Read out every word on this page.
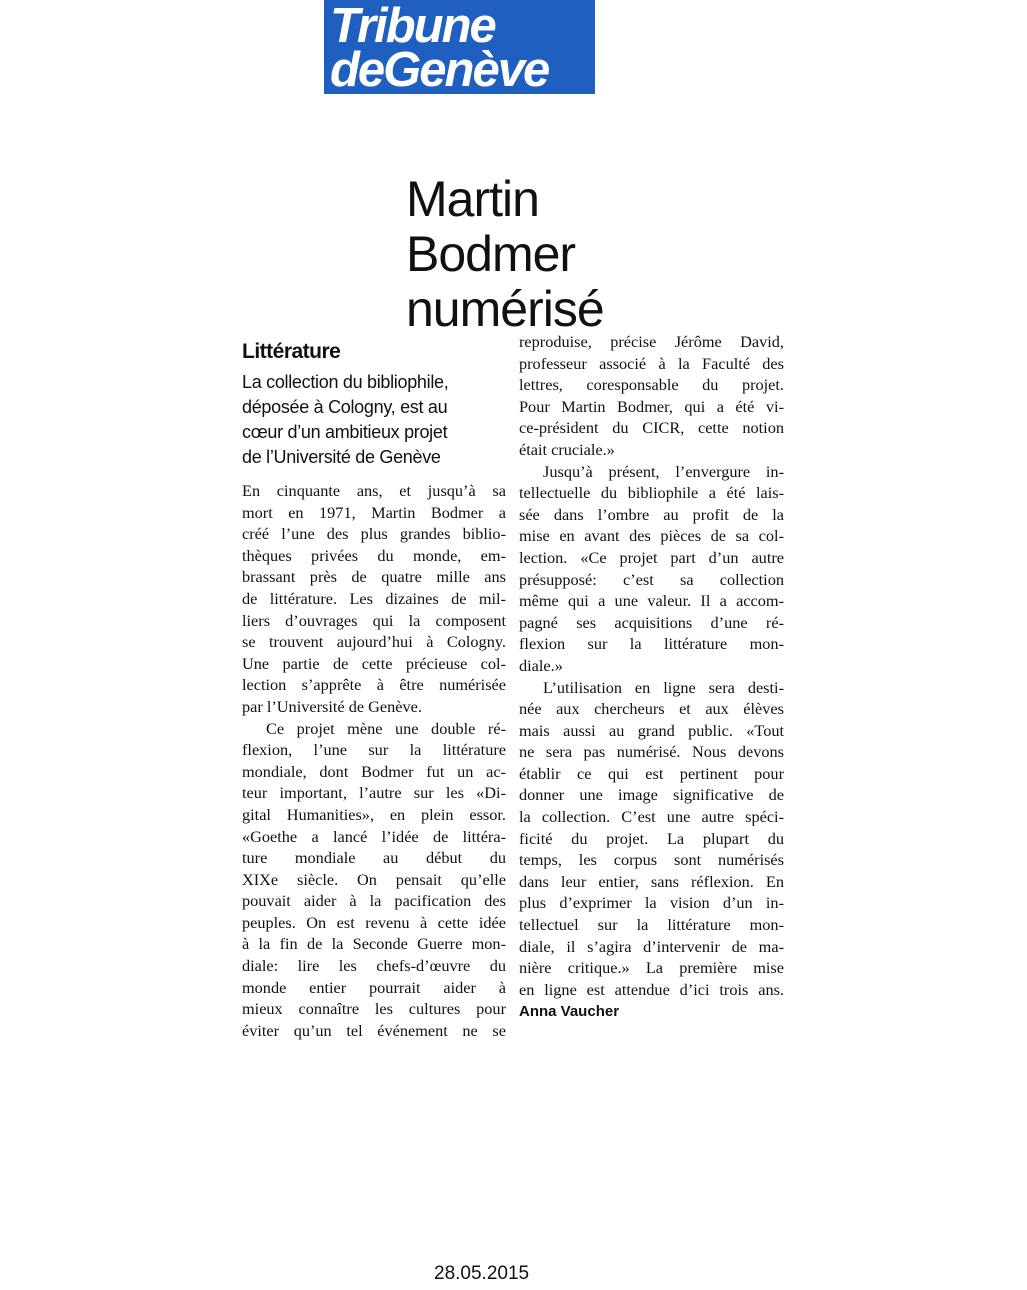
Tribune
deGenève
Martin
Bodmer
numérisé
Littérature
La collection du bibliophile,
déposée à Cologny, est au
cœur d’un ambitieux projet
de l’Université de Genève
En cinquante ans, et jusqu’à sa
mort en 1971, Martin Bodmer a
créé l’une des plus grandes biblio-
thèques privées du monde, em-
brassant près de quatre mille ans
de littérature. Les dizaines de mil-
liers d’ouvrages qui la composent
se trouvent aujourd’hui à Cologny.
Une partie de cette précieuse col-
lection s’apprête à être numérisée
par l’Université de Genève.
Ce projet mène une double ré-
flexion, l’une sur la littérature
mondiale, dont Bodmer fut un ac-
teur important, l’autre sur les «Di-
gital Humanities», en plein essor.
«Goethe a lancé l’idée de littéra-
ture mondiale au début du
XIXe siècle. On pensait qu’elle
pouvait aider à la pacification des
peuples. On est revenu à cette idée
à la fin de la Seconde Guerre mon-
diale: lire les chefs-d’œuvre du
monde entier pourrait aider à
mieux connaître les cultures pour
éviter qu’un tel événement ne se
reproduise, précise Jérôme David,
professeur associé à la Faculté des
lettres, coresponsable du projet.
Pour Martin Bodmer, qui a été vi-
ce-président du CICR, cette notion
était cruciale.»
Jusqu’à présent, l’envergure in-
tellectuelle du bibliophile a été lais-
sée dans l’ombre au profit de la
mise en avant des pièces de sa col-
lection. «Ce projet part d’un autre
présupposé: c’est sa collection
même qui a une valeur. Il a accom-
pagné ses acquisitions d’une ré-
flexion sur la littérature mon-
diale.»
L’utilisation en ligne sera desti-
née aux chercheurs et aux élèves
mais aussi au grand public. «Tout
ne sera pas numérisé. Nous devons
établir ce qui est pertinent pour
donner une image significative de
la collection. C’est une autre spéci-
ficité du projet. La plupart du
temps, les corpus sont numérisés
dans leur entier, sans réflexion. En
plus d’exprimer la vision d’un in-
tellectuel sur la littérature mon-
diale, il s’agira d’intervenir de ma-
nière critique.» La première mise
en ligne est attendue d’ici trois ans.
Anna Vaucher
28.05.2015
